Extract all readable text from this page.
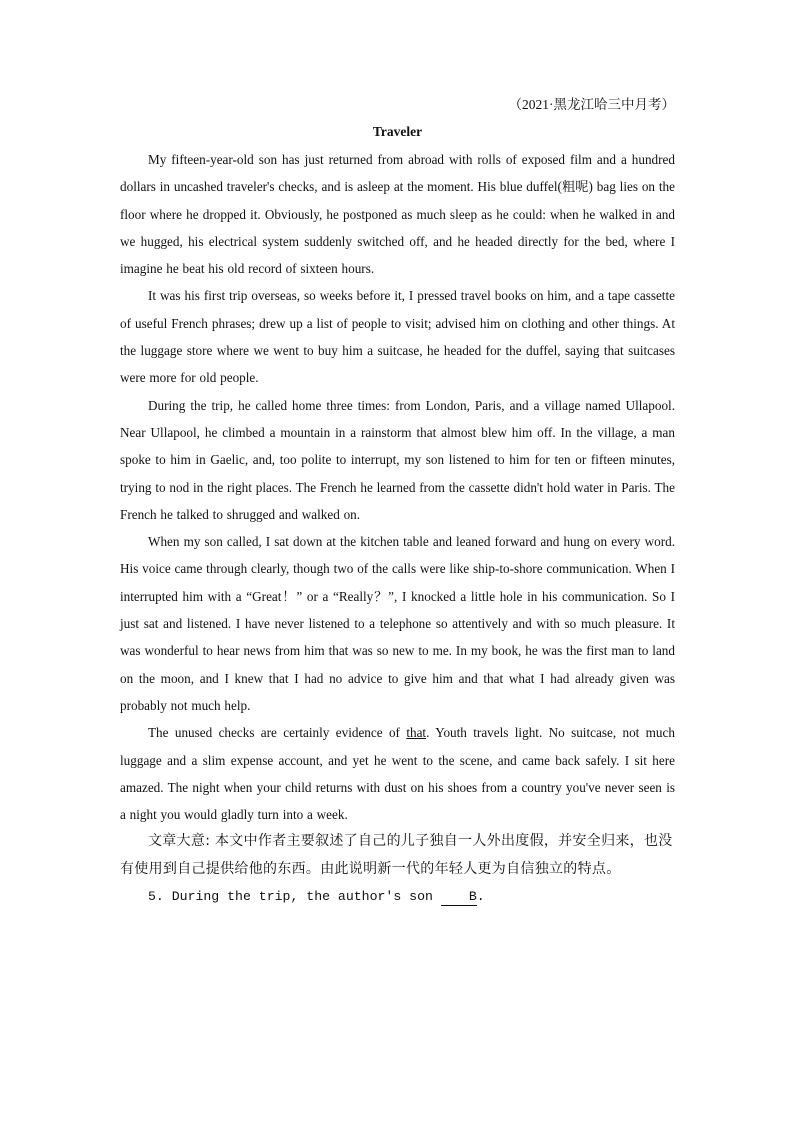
（2021·黑龙江哈三中月考）
Traveler

My fifteen-year-old son has just returned from abroad with rolls of exposed film and a hundred dollars in uncashed traveler's checks, and is asleep at the moment. His blue duffel(粗呢) bag lies on the floor where he dropped it. Obviously, he postponed as much sleep as he could: when he walked in and we hugged, his electrical system suddenly switched off, and he headed directly for the bed, where I imagine he beat his old record of sixteen hours.

It was his first trip overseas, so weeks before it, I pressed travel books on him, and a tape cassette of useful French phrases; drew up a list of people to visit; advised him on clothing and other things. At the luggage store where we went to buy him a suitcase, he headed for the duffel, saying that suitcases were more for old people.

During the trip, he called home three times: from London, Paris, and a village named Ullapool. Near Ullapool, he climbed a mountain in a rainstorm that almost blew him off. In the village, a man spoke to him in Gaelic, and, too polite to interrupt, my son listened to him for ten or fifteen minutes, trying to nod in the right places. The French he learned from the cassette didn't hold water in Paris. The French he talked to shrugged and walked on.

When my son called, I sat down at the kitchen table and leaned forward and hung on every word. His voice came through clearly, though two of the calls were like ship-to-shore communication. When I interrupted him with a “Great！” or a “Really？”, I knocked a little hole in his communication. So I just sat and listened. I have never listened to a telephone so attentively and with so much pleasure. It was wonderful to hear news from him that was so new to me. In my book, he was the first man to land on the moon, and I knew that I had no advice to give him and that what I had already given was probably not much help.

The unused checks are certainly evidence of that. Youth travels light. No suitcase, not much luggage and a slim expense account, and yet he went to the scene, and came back safely. I sit here amazed. The night when your child returns with dust on his shoes from a country you've never seen is a night you would gladly turn into a week.

文章大意: 本文中作者主要叙述了自己的儿子独自一人外出度假，并安全归来，也没有使用到自己提供给他的东西。由此说明新一代的年轻人更为自信独立的特点。

5. During the trip, the author's son B.
